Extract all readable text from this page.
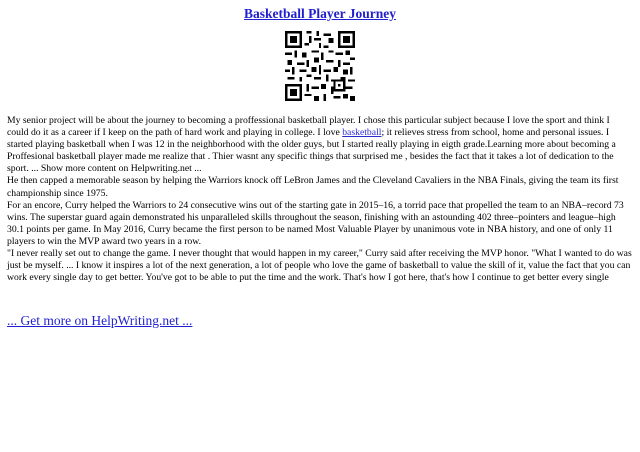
Basketball Player Journey

My senior project will be about the journey to becoming a proffessional basketball player. I chose this particular subject because I love the sport and think I could do it as a career if I keep on the path of hard work and playing in college. I love basketball; it relieves stress from school, home and personal issues. I started playing basketball when I was 12 in the neighborhood with the older guys, but I started really playing in eigth grade.Learning more about becoming a Proffesional basketball player made me realize that . Thier wasnt any specific things that surprised me , besides the fact that it takes a lot of dedication to the sport. ... Show more content on Helpwriting.net ...

He then capped a memorable season by helping the Warriors knock off LeBron James and the Cleveland Cavaliers in the NBA Finals, giving the team its first championship since 1975.

For an encore, Curry helped the Warriors to 24 consecutive wins out of the starting gate in 2015–16, a torrid pace that propelled the team to an NBA–record 73 wins. The superstar guard again demonstrated his unparalleled skills throughout the season, finishing with an astounding 402 three–pointers and league–high 30.1 points per game. In May 2016, Curry became the first person to be named Most Valuable Player by unanimous vote in NBA history, and one of only 11 players to win the MVP award two years in a row.

"I never really set out to change the game. I never thought that would happen in my career," Curry said after receiving the MVP honor. "What I wanted to do was just be myself. ... I know it inspires a lot of the next generation, a lot of people who love the game of basketball to value the skill of it, value the fact that you can work every single day to get better. You've got to be able to put the time and the work. That's how I got here, that's how I continue to get better every single

... Get more on HelpWriting.net ...
